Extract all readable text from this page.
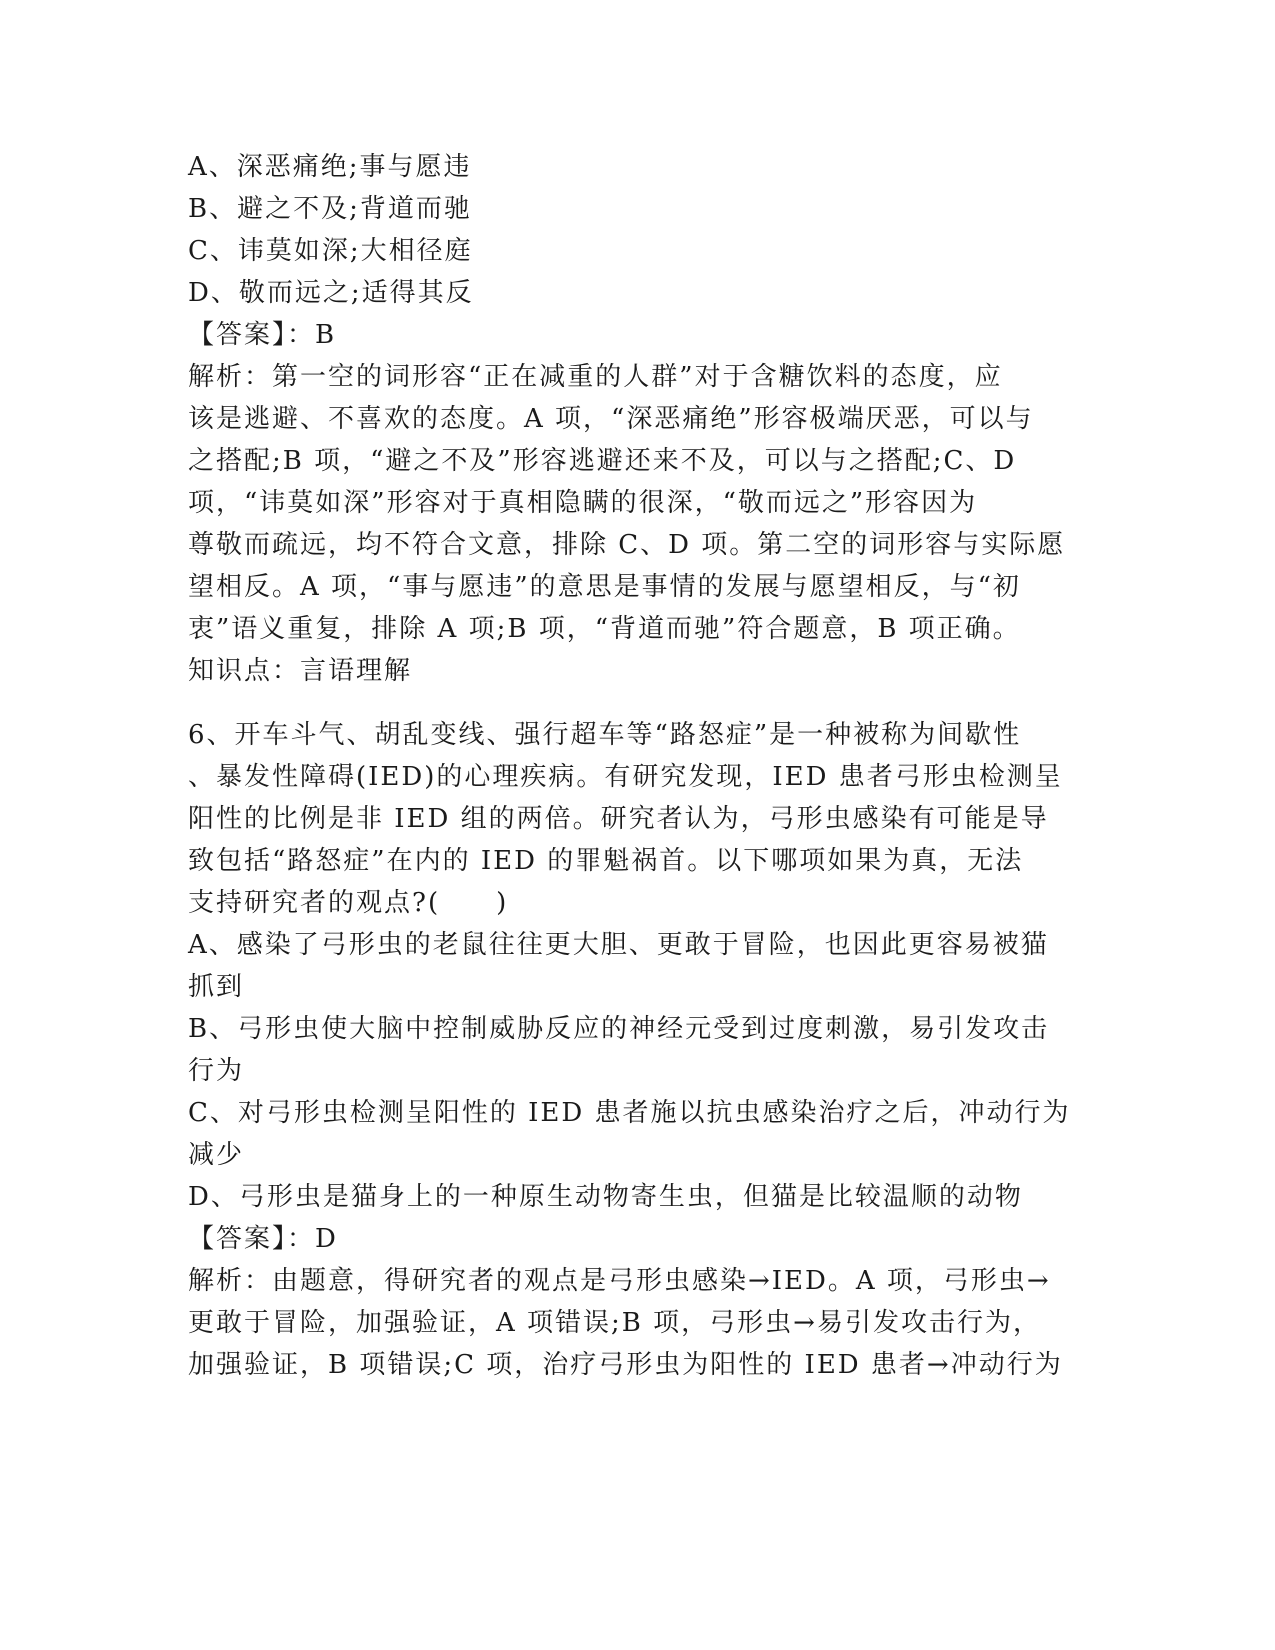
A、深恶痛绝;事与愿违
B、避之不及;背道而驰
C、讳莫如深;大相径庭
D、敬而远之;适得其反
【答案】：B
解析：第一空的词形容“正在减重的人群”对于含糖饮料的态度，应
该是逃避、不喜欢的态度。A 项，“深恶痛绝”形容极端厌恶，可以与
之搭配;B 项，“避之不及”形容逃避还来不及，可以与之搭配;C、D
项，“讳莫如深”形容对于真相隐瞒的很深，“敬而远之”形容因为
尊敬而疏远，均不符合文意，排除 C、D 项。第二空的词形容与实际愿
望相反。A 项，“事与愿违”的意思是事情的发展与愿望相反，与“初
衷”语义重复，排除 A 项;B 项，“背道而驰”符合题意，B 项正确。
知识点：言语理解
6、开车斗气、胡乱变线、强行超车等“路怒症”是一种被称为间歇性
、暴发性障碍(IED)的心理疾病。有研究发现，IED 患者弓形虫检测呈
阳性的比例是非 IED 组的两倍。研究者认为，弓形虫感染有可能是导
致包括“路怒症”在内的 IED 的罪魁祸首。以下哪项如果为真，无法
支持研究者的观点?(　　)
A、感染了弓形虫的老鼠往往更大胆、更敢于冒险，也因此更容易被猫
抓到
B、弓形虫使大脑中控制威胁反应的神经元受到过度刺激，易引发攻击
行为
C、对弓形虫检测呈阳性的 IED 患者施以抗虫感染治疗之后，冲动行为
减少
D、弓形虫是猫身上的一种原生动物寄生虫，但猫是比较温顺的动物
【答案】：D
解析：由题意，得研究者的观点是弓形虫感染→IED。A 项，弓形虫→
更敢于冒险，加强验证，A 项错误;B 项，弓形虫→易引发攻击行为，
加强验证，B 项错误;C 项，治疗弓形虫为阳性的 IED 患者→冲动行为
